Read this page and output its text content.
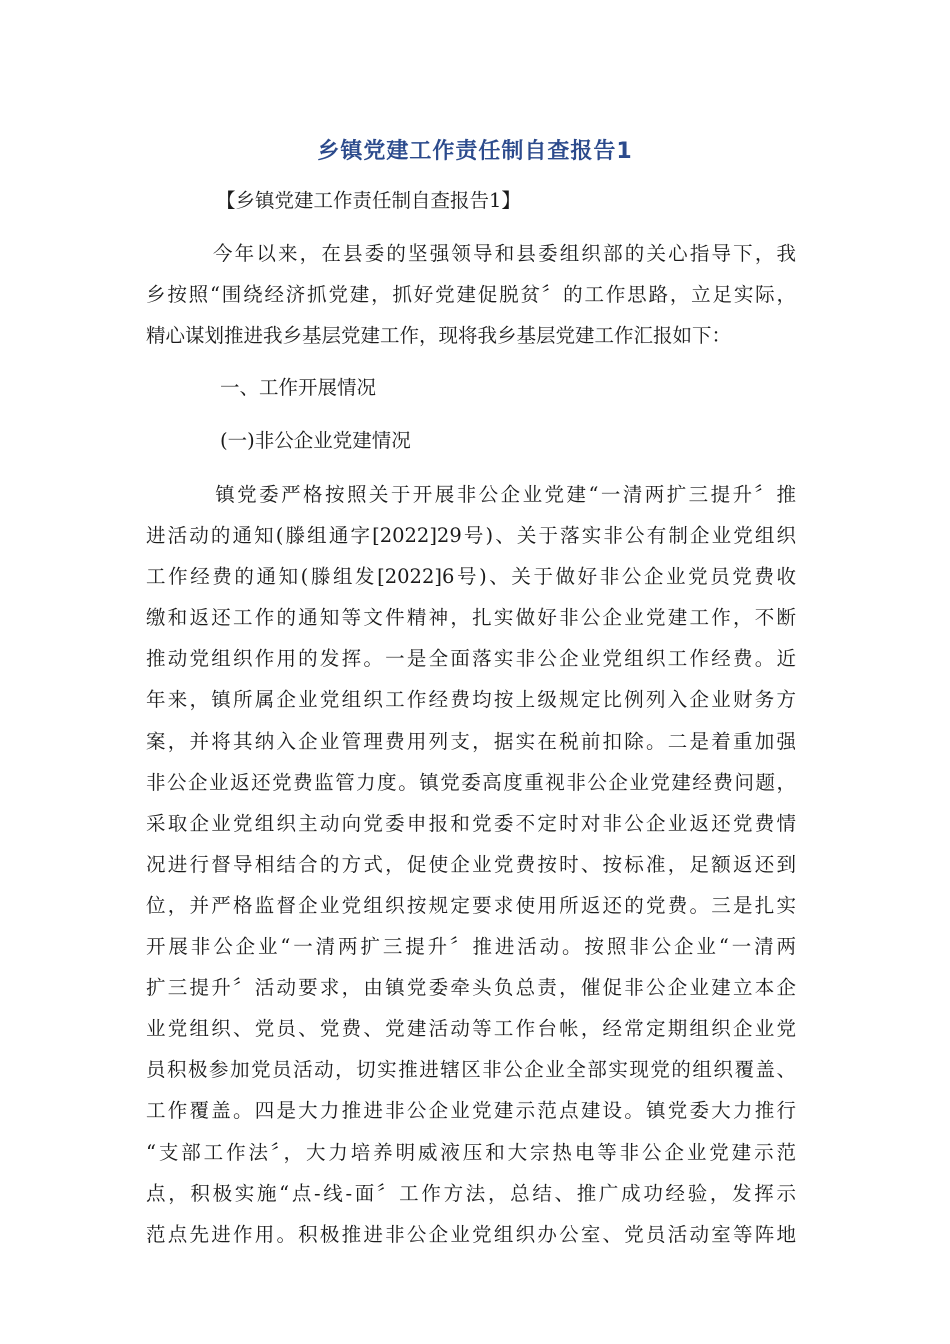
乡镇党建工作责任制自查报告1
【乡镇党建工作责任制自查报告1】
今年以来，在县委的坚强领导和县委组织部的关心指导下，我
乡按照“围绕经济抓党建，抓好党建促脱贫〞的工作思路，立足实际，
精心谋划推进我乡基层党建工作，现将我乡基层党建工作汇报如下：
一、工作开展情况
(一)非公企业党建情况
镇党委严格按照关于开展非公企业党建“一清两扩三提升〞推
进活动的通知(滕组通字[2022]29号)、关于落实非公有制企业党组织
工作经费的通知(滕组发[2022]6号)、关于做好非公企业党员党费收
缴和返还工作的通知等文件精神，扎实做好非公企业党建工作，不断
推动党组织作用的发挥。一是全面落实非公企业党组织工作经费。近
年来，镇所属企业党组织工作经费均按上级规定比例列入企业财务方
案，并将其纳入企业管理费用列支，据实在税前扣除。二是着重加强
非公企业返还党费监管力度。镇党委高度重视非公企业党建经费问题，
采取企业党组织主动向党委申报和党委不定时对非公企业返还党费情
况进行督导相结合的方式，促使企业党费按时、按标准，足额返还到
位，并严格监督企业党组织按规定要求使用所返还的党费。三是扎实
开展非公企业“一清两扩三提升〞推进活动。按照非公企业“一清两
扩三提升〞活动要求，由镇党委牵头负总责，催促非公企业建立本企
业党组织、党员、党费、党建活动等工作台帐，经常定期组织企业党
员积极参加党员活动，切实推进辖区非公企业全部实现党的组织覆盖、
工作覆盖。四是大力推进非公企业党建示范点建设。镇党委大力推行
“支部工作法〞，大力培养明威液压和大宗热电等非公企业党建示范
点，积极实施“点-线-面〞工作方法，总结、推广成功经验，发挥示
范点先进作用。积极推进非公企业党组织办公室、党员活动室等阵地
